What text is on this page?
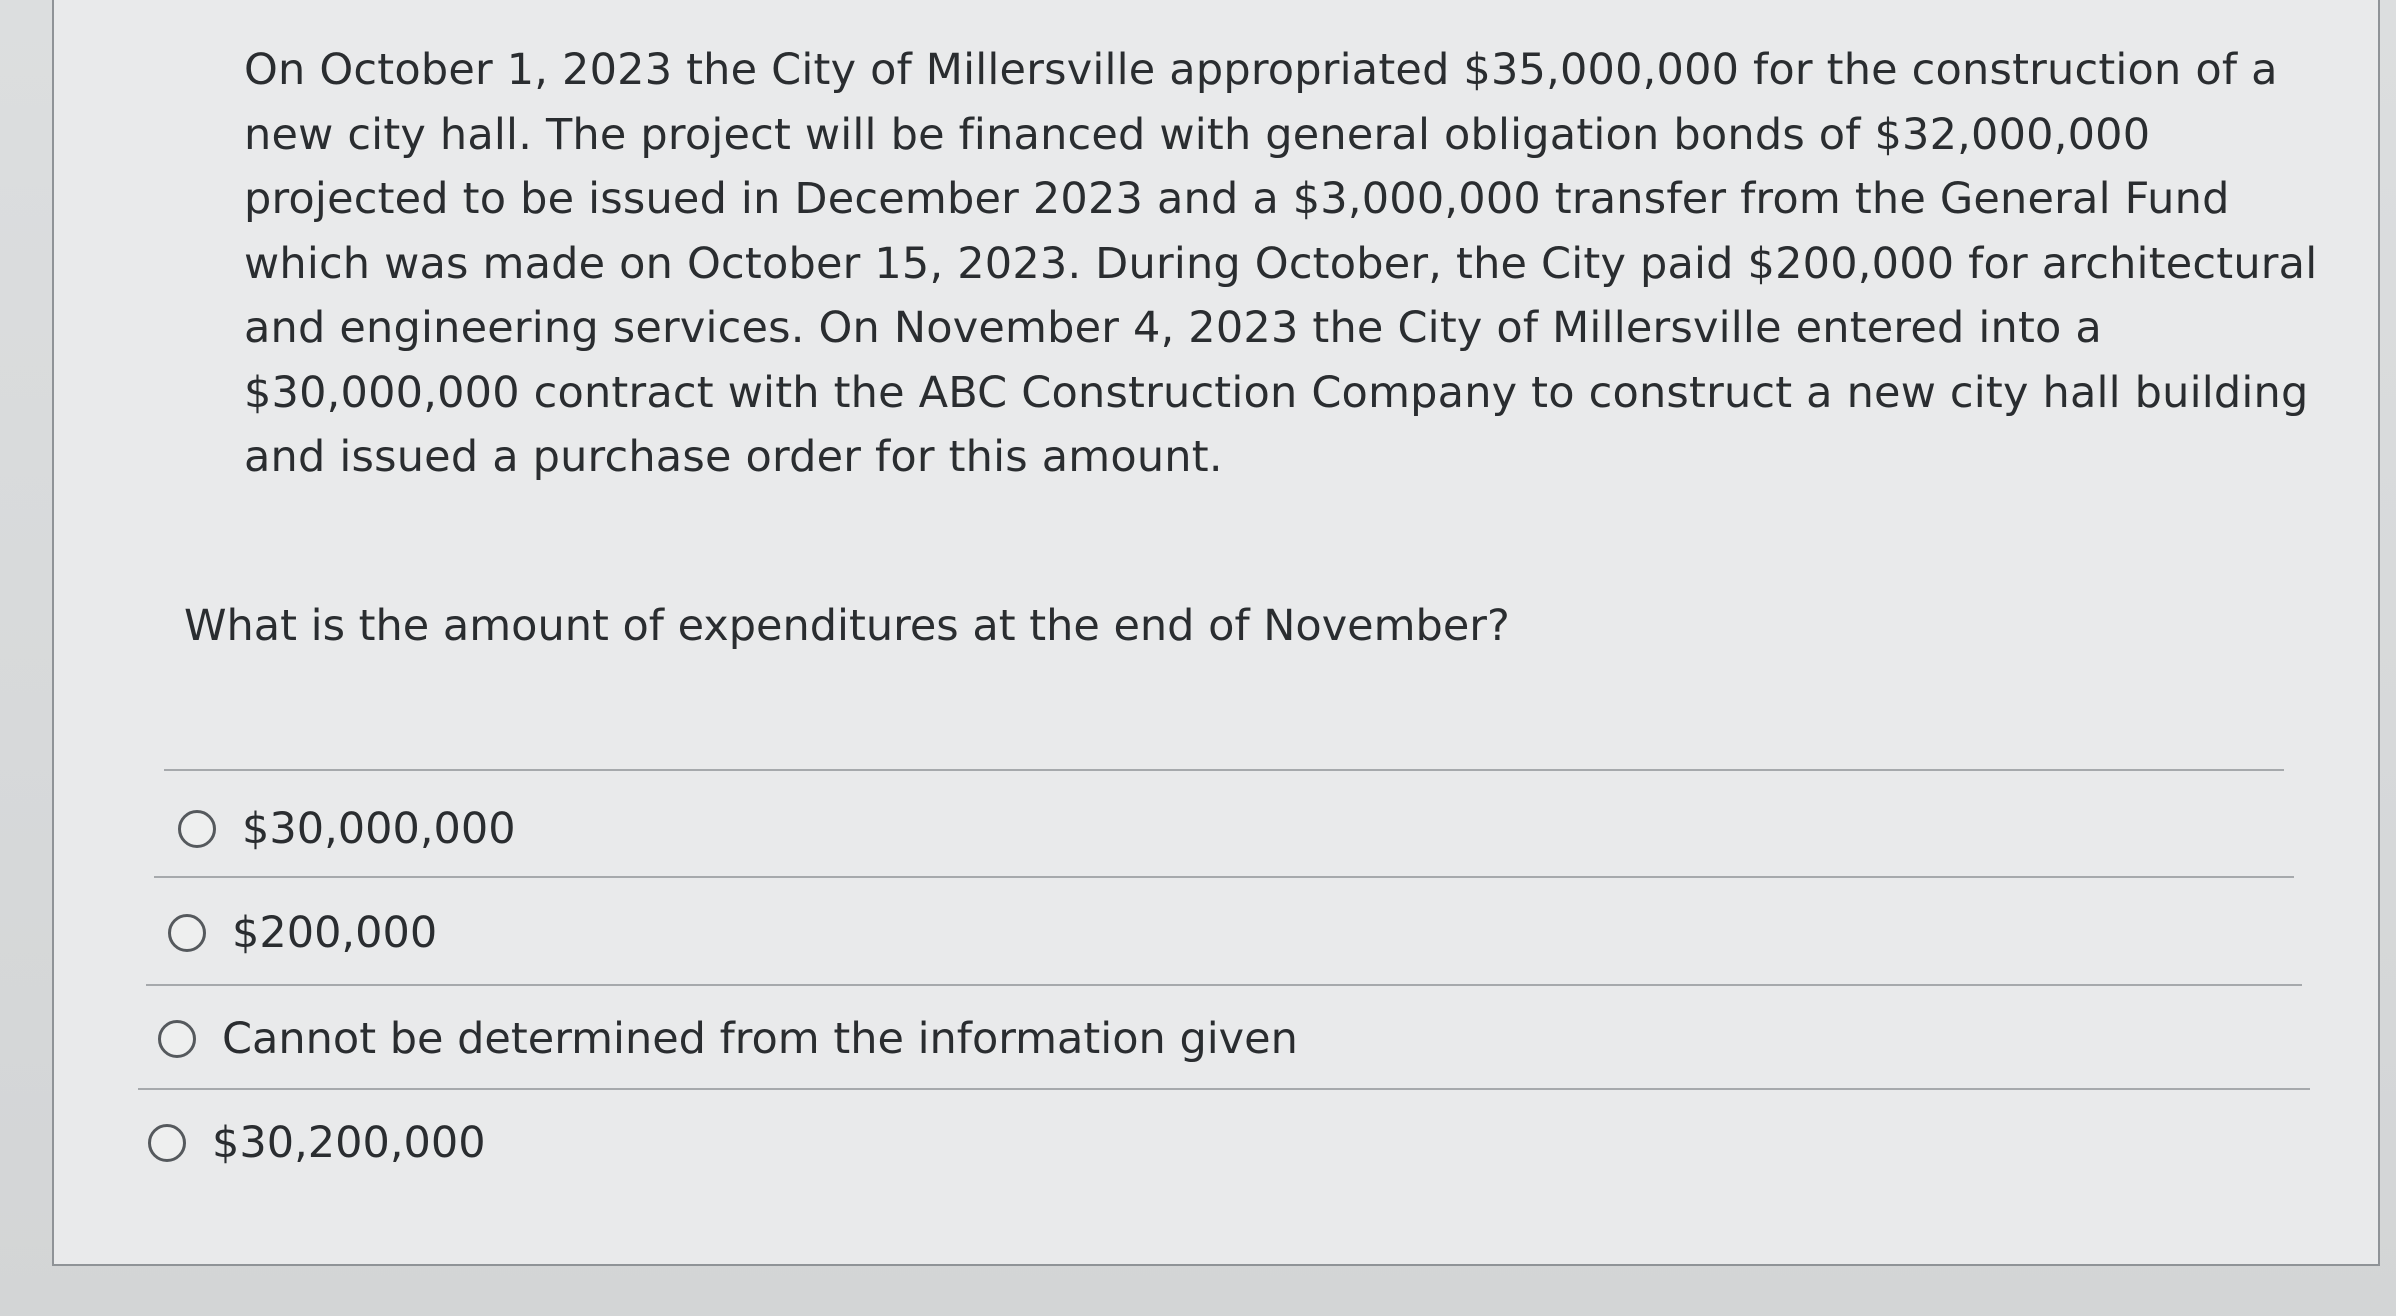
On October 1, 2023 the City of Millersville appropriated $35,000,000 for the construction of a new city hall. The project will be financed with general obligation bonds of $32,000,000 projected to be issued in December 2023 and a $3,000,000 transfer from the General Fund which was made on October 15, 2023. During October, the City paid $200,000 for architectural and engineering services. On November 4, 2023 the City of Millersville entered into a $30,000,000 contract with the ABC Construction Company to construct a new city hall building and issued a purchase order for this amount.

What is the amount of expenditures at the end of November?

$30,000,000
$200,000
Cannot be determined from the information given
$30,200,000
